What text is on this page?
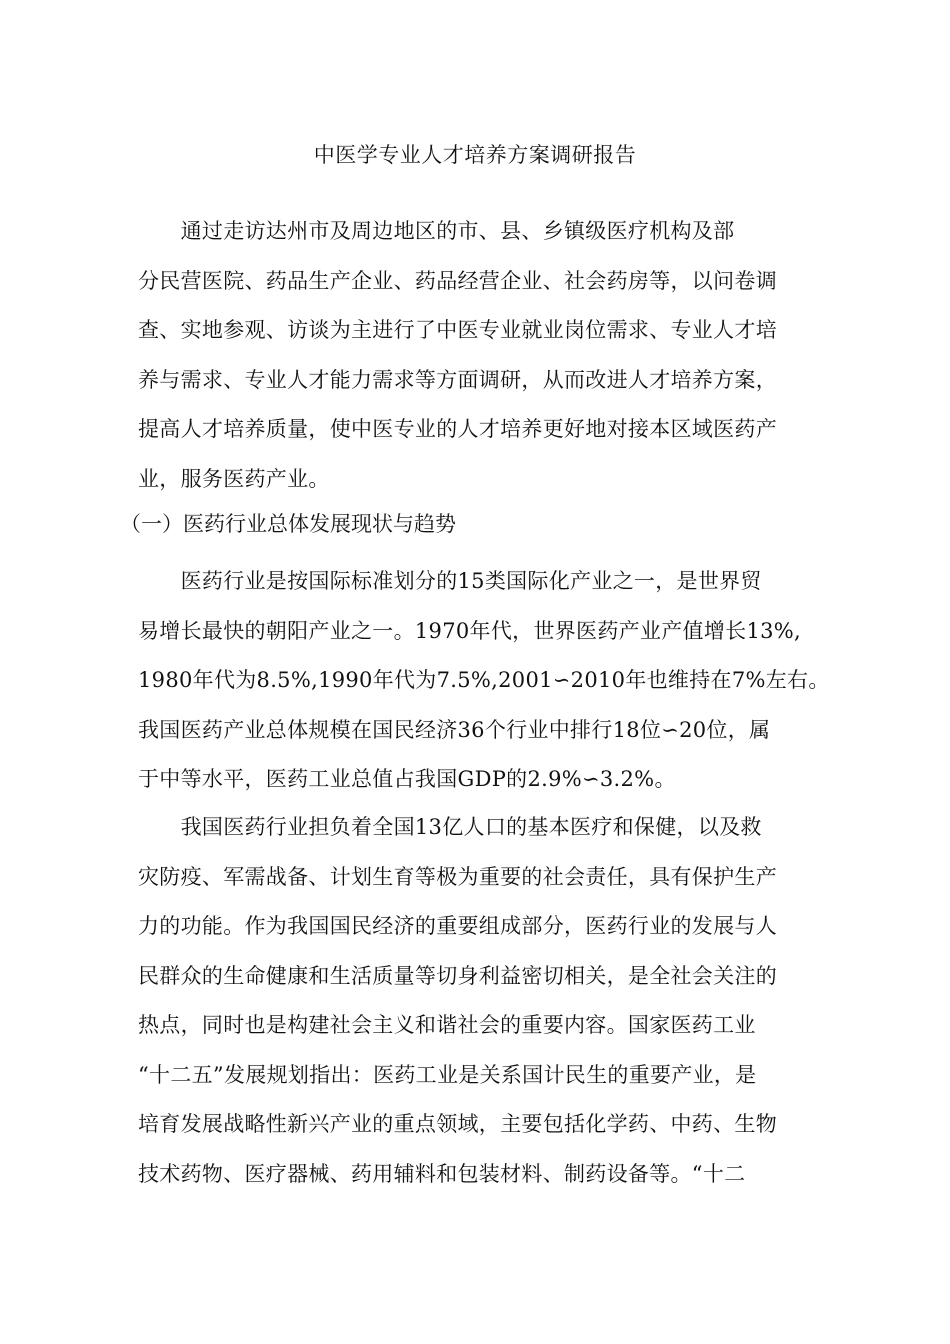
中医学专业人才培养方案调研报告

　　通过走访达州市及周边地区的市、县、乡镇级医疗机构及部
分民营医院、药品生产企业、药品经营企业、社会药房等，以问卷调
查、实地参观、访谈为主进行了中医专业就业岗位需求、专业人才培
养与需求、专业人才能力需求等方面调研，从而改进人才培养方案，
提高人才培养质量，使中医专业的人才培养更好地对接本区域医药产
业，服务医药产业。

（一）医药行业总体发展现状与趋势

　　医药行业是按国际标准划分的15类国际化产业之一，是世界贸
易增长最快的朝阳产业之一。1970年代，世界医药产业产值增长13%,
1980年代为8.5%,1990年代为7.5%,2001∽2010年也维持在7%左右。
我国医药产业总体规模在国民经济36个行业中排行18位∽20位，属
于中等水平，医药工业总值占我国GDP的2.9%∽3.2%。

　　我国医药行业担负着全国13亿人口的基本医疗和保健，以及救
灾防疫、军需战备、计划生育等极为重要的社会责任，具有保护生产
力的功能。作为我国国民经济的重要组成部分，医药行业的发展与人
民群众的生命健康和生活质量等切身利益密切相关，是全社会关注的
热点，同时也是构建社会主义和谐社会的重要内容。国家医药工业
“十二五”发展规划指出：医药工业是关系国计民生的重要产业，是
培育发展战略性新兴产业的重点领域，主要包括化学药、中药、生物
技术药物、医疗器械、药用辅料和包装材料、制药设备等。“十二
